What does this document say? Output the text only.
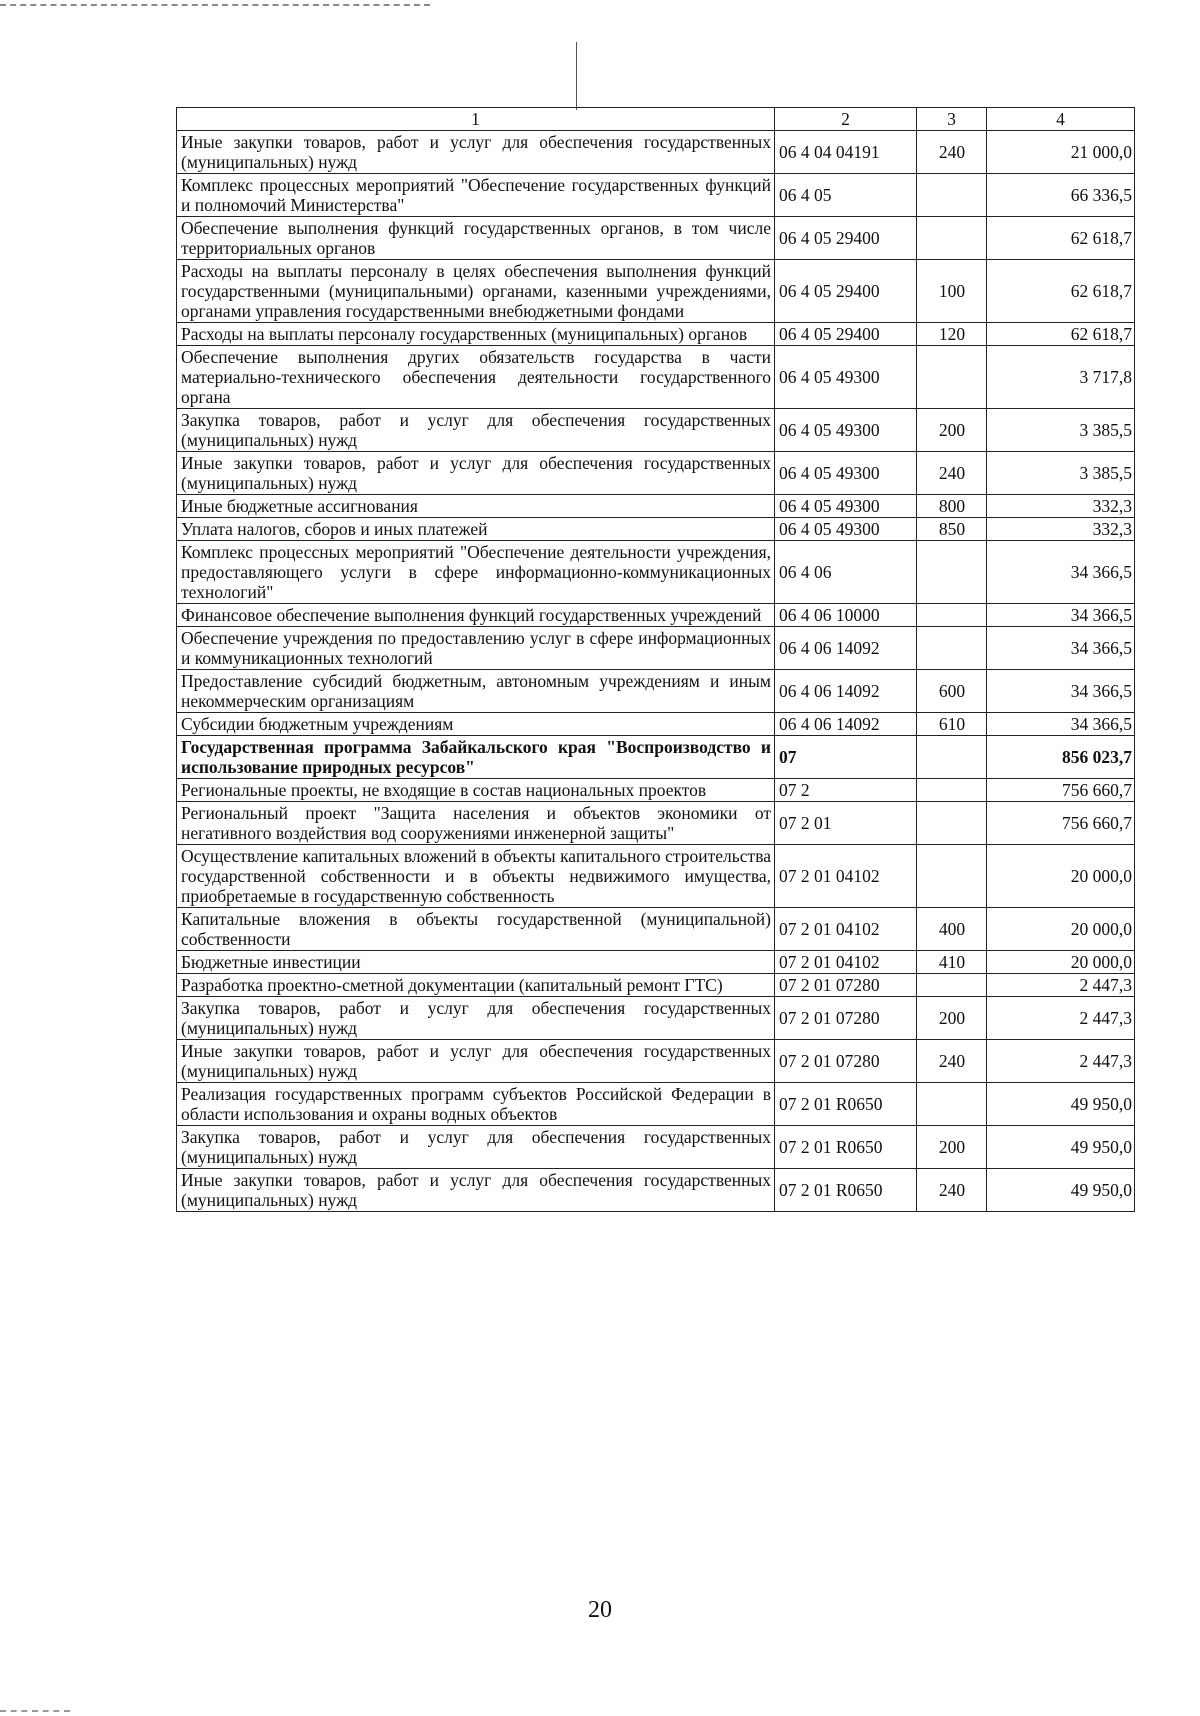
1	2	3	4
Иные закупки товаров, работ и услуг для обеспечения государственных (муниципальных) нужд	06 4 04 04191	240	21 000,0
Комплекс процессных мероприятий "Обеспечение государственных функций и полномочий Министерства"	06 4 05		66 336,5
Обеспечение выполнения функций государственных органов, в том числе территориальных органов	06 4 05 29400		62 618,7
Расходы на выплаты персоналу в целях обеспечения выполнения функций государственными (муниципальными) органами, казенными учреждениями, органами управления государственными внебюджетными фондами	06 4 05 29400	100	62 618,7
Расходы на выплаты персоналу государственных (муниципальных) органов	06 4 05 29400	120	62 618,7
Обеспечение выполнения других обязательств государства в части материально-технического обеспечения деятельности государственного органа	06 4 05 49300		3 717,8
Закупка товаров, работ и услуг для обеспечения государственных (муниципальных) нужд	06 4 05 49300	200	3 385,5
Иные закупки товаров, работ и услуг для обеспечения государственных (муниципальных) нужд	06 4 05 49300	240	3 385,5
Иные бюджетные ассигнования	06 4 05 49300	800	332,3
Уплата налогов, сборов и иных платежей	06 4 05 49300	850	332,3
Комплекс процессных мероприятий "Обеспечение деятельности учреждения, предоставляющего услуги в сфере информационно-коммуникационных технологий"	06 4 06		34 366,5
Финансовое обеспечение выполнения функций государственных учреждений	06 4 06 10000		34 366,5
Обеспечение учреждения по предоставлению услуг в сфере информационных и коммуникационных технологий	06 4 06 14092		34 366,5
Предоставление субсидий бюджетным, автономным учреждениям и иным некоммерческим организациям	06 4 06 14092	600	34 366,5
Субсидии бюджетным учреждениям	06 4 06 14092	610	34 366,5
Государственная программа Забайкальского края "Воспроизводство и использование природных ресурсов"	07		856 023,7
Региональные проекты, не входящие в состав национальных проектов	07 2		756 660,7
Региональный проект "Защита населения и объектов экономики от негативного воздействия вод сооружениями инженерной защиты"	07 2 01		756 660,7
Осуществление капитальных вложений в объекты капитального строительства государственной собственности и в объекты недвижимого имущества, приобретаемые в государственную собственность	07 2 01 04102		20 000,0
Капитальные вложения в объекты государственной (муниципальной) собственности	07 2 01 04102	400	20 000,0
Бюджетные инвестиции	07 2 01 04102	410	20 000,0
Разработка проектно-сметной документации (капитальный ремонт ГТС)	07 2 01 07280		2 447,3
Закупка товаров, работ и услуг для обеспечения государственных (муниципальных) нужд	07 2 01 07280	200	2 447,3
Иные закупки товаров, работ и услуг для обеспечения государственных (муниципальных) нужд	07 2 01 07280	240	2 447,3
Реализация государственных программ субъектов Российской Федерации в области использования и охраны водных объектов	07 2 01 R0650		49 950,0
Закупка товаров, работ и услуг для обеспечения государственных (муниципальных) нужд	07 2 01 R0650	200	49 950,0
Иные закупки товаров, работ и услуг для обеспечения государственных (муниципальных) нужд	07 2 01 R0650	240	49 950,0
20
